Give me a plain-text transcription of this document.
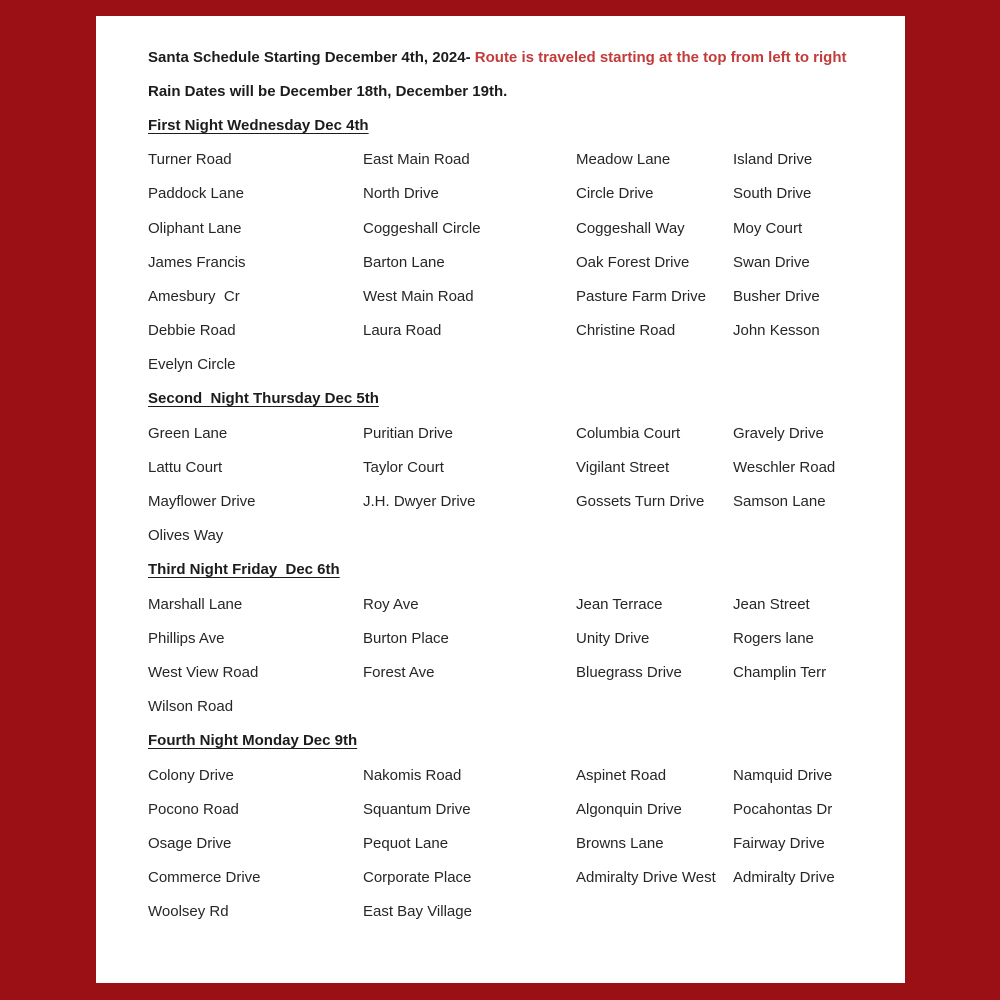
Santa Schedule Starting December 4th, 2024- Route is traveled starting at the top from left to right
Rain Dates will be December 18th, December 19th.
First Night Wednesday Dec 4th
Turner Road	East Main Road	Meadow Lane	Island Drive
Paddock Lane	North Drive	Circle Drive	South Drive
Oliphant Lane	Coggeshall Circle	Coggeshall Way	Moy Court
James Francis	Barton Lane	Oak Forest Drive	Swan Drive
Amesbury  Cr	West Main Road	Pasture Farm Drive	Busher Drive
Debbie Road	Laura Road	Christine Road	John Kesson
Evelyn Circle
Second  Night Thursday Dec 5th
Green Lane	Puritian Drive	Columbia Court	Gravely Drive
Lattu Court	Taylor Court	Vigilant Street	Weschler Road
Mayflower Drive	J.H. Dwyer Drive	Gossets Turn Drive	Samson Lane
Olives Way
Third Night Friday  Dec 6th
Marshall Lane	Roy Ave	Jean Terrace	Jean Street
Phillips Ave	Burton Place	Unity Drive	Rogers lane
West View Road	Forest Ave	Bluegrass Drive	Champlin Terr
Wilson Road
Fourth Night Monday Dec 9th
Colony Drive	Nakomis Road	Aspinet Road	Namquid Drive
Pocono Road	Squantum Drive	Algonquin Drive	Pocahontas Dr
Osage Drive	Pequot Lane	Browns Lane	Fairway Drive
Commerce Drive	Corporate Place	Admiralty Drive West	Admiralty Drive
Woolsey Rd	East Bay Village
